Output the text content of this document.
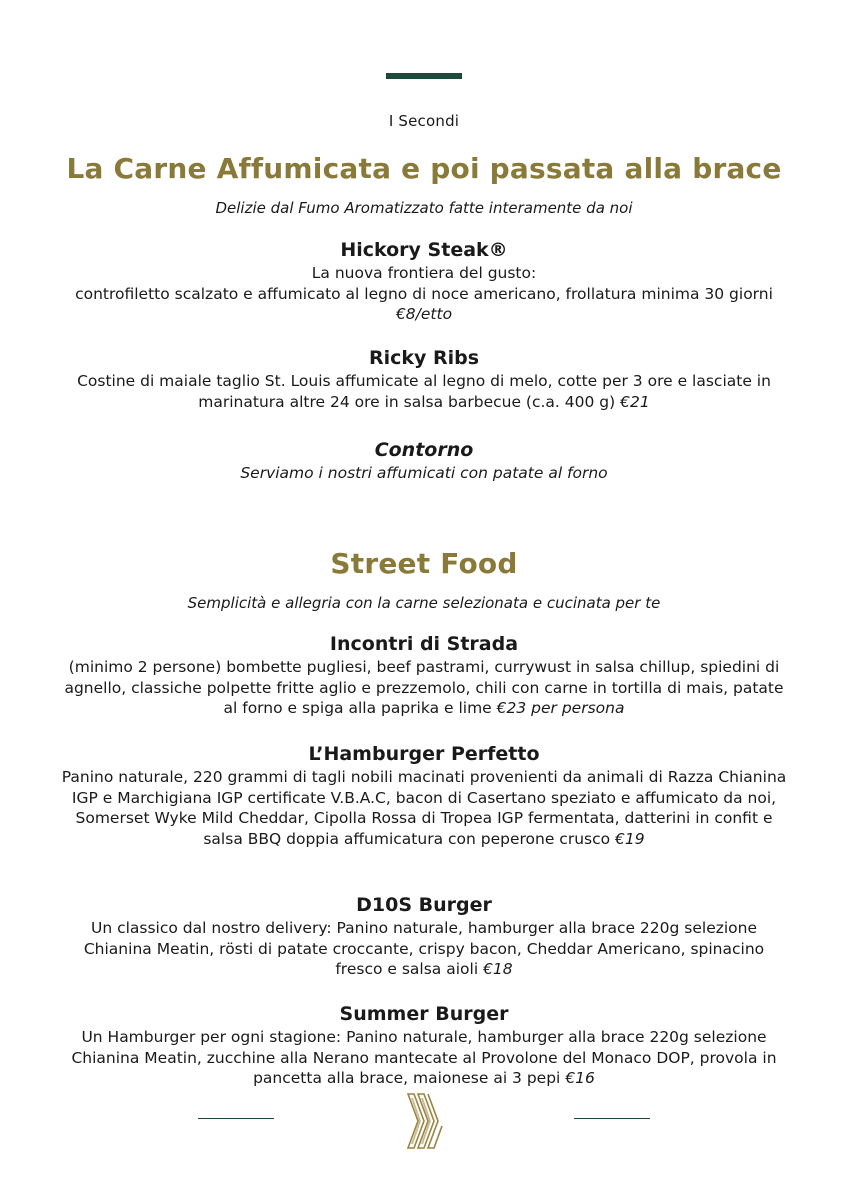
I Secondi
La Carne Affumicata e poi passata alla brace
Delizie dal Fumo Aromatizzato fatte interamente da noi
Hickory Steak®
La nuova frontiera del gusto:
controfiletto scalzato e affumicato al legno di noce americano, frollatura minima 30 giorni €8/etto
Ricky Ribs
Costine di maiale taglio St. Louis affumicate al legno di melo, cotte per 3 ore e lasciate in marinatura altre 24 ore in salsa barbecue (c.a. 400 g) €21
Contorno
Serviamo i nostri affumicati con patate al forno
Street Food
Semplicità e allegria con la carne selezionata e cucinata per te
Incontri di Strada
(minimo 2 persone) bombette pugliesi, beef pastrami, currywust in salsa chillup, spiedini di agnello, classiche polpette fritte aglio e prezzemolo, chili con carne in tortilla di mais, patate al forno e spiga alla paprika e lime €23 per persona
L’Hamburger Perfetto
Panino naturale, 220 grammi di tagli nobili macinati provenienti da animali di Razza Chianina IGP e Marchigiana IGP certificate V.B.A.C, bacon di Casertano speziato e affumicato da noi, Somerset Wyke Mild Cheddar, Cipolla Rossa di Tropea IGP fermentata, datterini in confit e salsa BBQ doppia affumicatura con peperone crusco €19
D10S Burger
Un classico dal nostro delivery: Panino naturale, hamburger alla brace 220g selezione Chianina Meatin, rösti di patate croccante, crispy bacon, Cheddar Americano, spinacino fresco e salsa aioli €18
Summer Burger
Un Hamburger per ogni stagione: Panino naturale, hamburger alla brace 220g selezione Chianina Meatin, zucchine alla Nerano mantecate al Provolone del Monaco DOP, provola in pancetta alla brace, maionese ai 3 pepi €16
